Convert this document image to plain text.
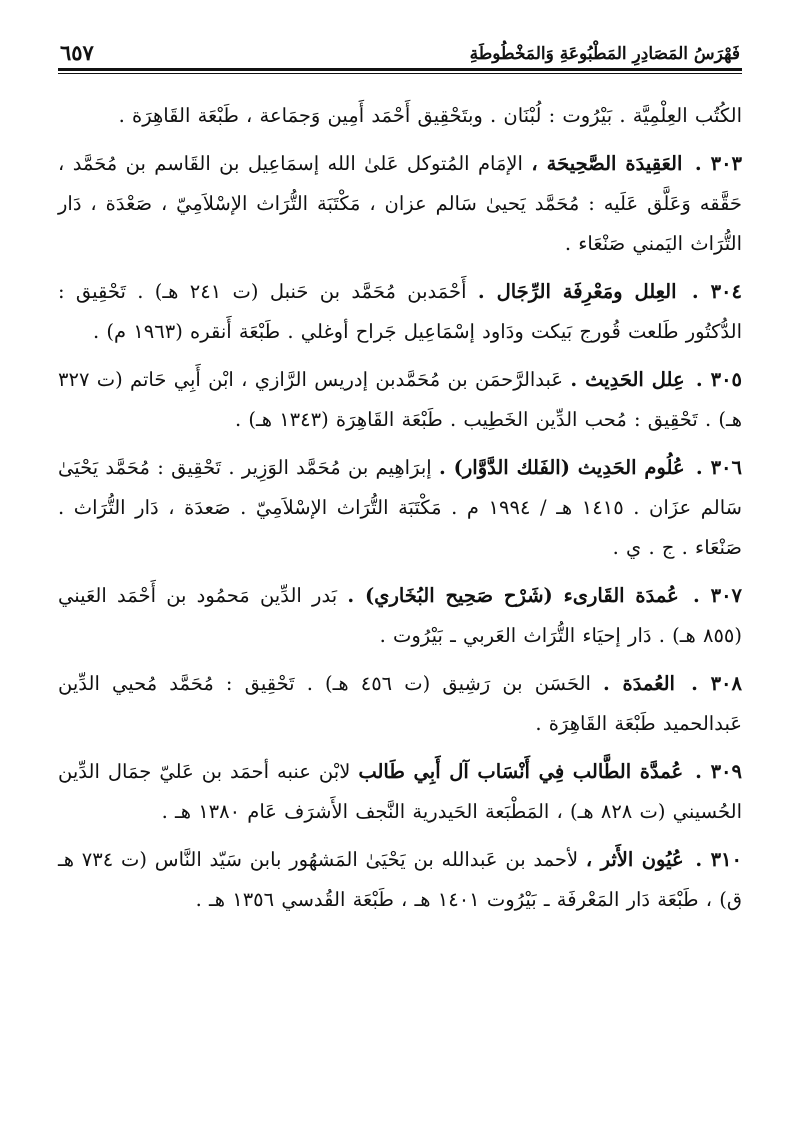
فَهْرَسُ المَصَادِرِ المَطْبُوعَةِ وَالمَخْطُوطَةِ
٦٥٧

الكُتُب العِلْمِيَّة . بَيْرُوت : لُبْنَان . وبتَحْقِيق أَحْمَد أَمِين وَجمَاعة ، طَبْعَة القَاهِرَة .

٣٠٣ . العَقِيدَة الصَّحِيحَة ، الإمَام المُتوكل عَلىٰ الله إسمَاعِيل بن القَاسم بن مُحَمَّد ، حَقَّقه وَعَلَّق عَلَيه : مُحَمَّد يَحيىٰ سَالم عزان ، مَكْتَبَة التُّرَاث الإسْلاَمِيّ ، صَعْدَة ، دَار التُّرَاث اليَمني صَنْعَاء .

٣٠٤ . العِلل ومَعْرِفَة الرِّجَال . أَحْمَدبن مُحَمَّد بن حَنبل (ت ٢٤١ هـ) . تَحْقِيق : الدُّكتُور طَلعت قُورج بَيكت ودَاود إسْمَاعِيل جَراح أوغلي . طَبْعَة أَنقره (١٩٦٣ م) .

٣٠٥ . عِلل الحَدِيث . عَبدالرَّحمَن بن مُحَمَّدبن إدريس الرَّازي ، ابْن أَبِي حَاتم (ت ٣٢٧ هـ) . تَحْقِيق : مُحب الدِّين الخَطِيب . طَبْعَة القَاهِرَة (١٣٤٣ هـ) .

٣٠٦ . عُلُوم الحَدِيث (الفَلك الدَّوَّار) . إبرَاهِيم بن مُحَمَّد الوَزِير . تَحْقِيق : مُحَمَّد يَحْيَىٰ سَالم عزَان . ١٤١٥ هـ / ١٩٩٤ م . مَكْتَبَة التُّرَاث الإسْلاَمِيّ . صَعدَة ، دَار التُّرَاث . صَنْعَاء . ج . ي .

٣٠٧ . عُمدَة القَارىء (شَرْح صَحِيح البُخَاري) . بَدر الدِّين مَحمُود بن أَحْمَد العَيني (٨٥٥ هـ) . دَار إحيَاء التُّرَاث العَربي ـ بَيْرُوت .

٣٠٨ . العُمدَة . الحَسَن بن رَشِيق (ت ٤٥٦ هـ) . تَحْقِيق : مُحَمَّد مُحيي الدِّين عَبدالحميد طَبْعَة القَاهِرَة .

٣٠٩ . عُمدَّة الطَّالب فِي أَنْسَاب آل أَبِي طَالب لابْن عنبه أحمَد بن عَليّ جمَال الدِّين الحُسيني (ت ٨٢٨ هـ) ، المَطْبَعة الحَيدرية النَّجف الأَشرَف عَام ١٣٨٠ هـ .

٣١٠ . عُيُون الأَثر ، لأحمد بن عَبدالله بن يَحْيَىٰ المَشهُور بابن سَيّد النَّاس (ت ٧٣٤ هـ ق) ، طَبْعَة دَار المَعْرفَة ـ بَيْرُوت ١٤٠١ هـ ، طَبْعَة القُدسي ١٣٥٦ هـ .
